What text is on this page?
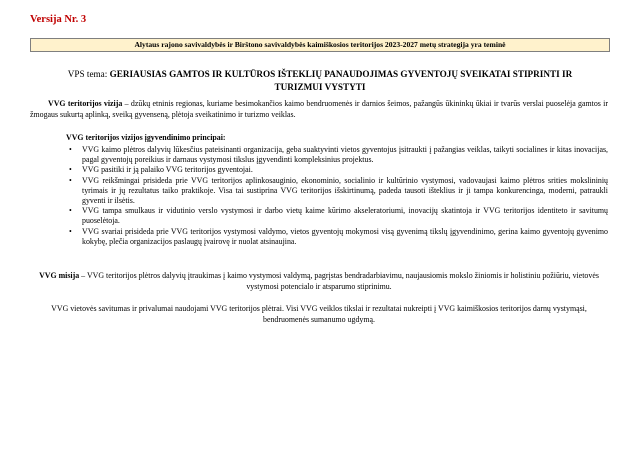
Versija Nr. 3
Alytaus rajono savivaldybės ir Birštono savivaldybės kaimiškosios teritorijos 2023-2027 metų strategija yra teminė
VPS tema: GERIAUSIAS GAMTOS IR KULTŪROS IŠTEKLIŲ PANAUDOJIMAS GYVENTOJŲ SVEIKATAI STIPRINTI IR TURIZMUI VYSTYTI
VVG teritorijos vizija – dzūkų etninis regionas, kuriame besimokančios kaimo bendruomenės ir darnios šeimos, pažangūs ūkininkų ūkiai ir tvarūs verslai puoselėja gamtos ir žmogaus sukurtą aplinką, sveiką gyvenseną, plėtoja sveikatinimo ir turizmo veiklas.
VVG teritorijos vizijos įgyvendinimo principai:
• VVG kaimo plėtros dalyvių lūkesčius pateisinanti organizacija, geba suaktyvinti vietos gyventojus įsitraukti į pažangias veiklas, taikyti socialines ir kitas inovacijas, pagal gyventojų poreikius ir darnaus vystymosi tikslus įgyvendinti kompleksinius projektus.
• VVG pasitiki ir ją palaiko VVG teritorijos gyventojai.
• VVG reikšmingai prisideda prie VVG teritorijos aplinkosauginio, ekonominio, socialinio ir kultūrinio vystymosi, vadovaujasi kaimo plėtros srities mokslininių tyrimais ir jų rezultatus taiko praktikoje. Visa tai sustiprina VVG teritorijos išskirtinumą, padeda tausoti išteklius ir ji tampa konkurencinga, moderni, patraukli gyventi ir ilsėtis.
• VVG tampa smulkaus ir vidutinio verslo vystymosi ir darbo vietų kaime kūrimo akseleratoriumi, inovacijų skatintoja ir VVG teritorijos identiteto ir savitumų puoselėtoja.
• VVG svariai prisideda prie VVG teritorijos vystymosi valdymo, vietos gyventojų mokymosi visą gyvenimą tikslų įgyvendinimo, gerina kaimo gyventojų gyvenimo kokybę, plečia organizacijos paslaugų įvairovę ir nuolat atsinaujina.
VVG misija – VVG teritorijos plėtros dalyvių įtraukimas į kaimo vystymosi valdymą, pagrįstas bendradarbiavimu, naujausiomis mokslo žiniomis ir holistiniu požiūriu, vietovės vystymosi potencialo ir atsparumo stiprinimu.
VVG vietovės savitumas ir privalumai naudojami VVG teritorijos plėtrai. Visi VVG veiklos tikslai ir rezultatai nukreipti į VVG kaimiškosios teritorijos darnų vystymąsi, bendruomenės sumanumo ugdymą.
